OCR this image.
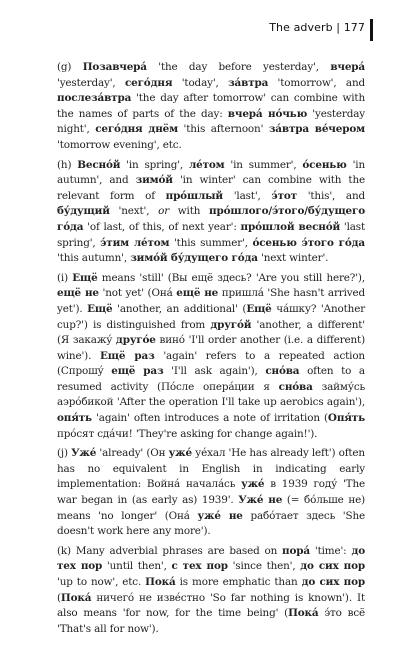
The adverb | 177

(g) Позавчера́ 'the day before yesterday', вчера́ 'yesterday', сего́дня 'today', за́втра 'tomorrow', and послеза́втра 'the day after tomorrow' can combine with the names of parts of the day: вчера́ но́чью 'yesterday night', сего́дня днём 'this afternoon' за́втра ве́чером 'tomorrow evening', etc.

(h) Весно́й 'in spring', ле́том 'in summer', о́сенью 'in autumn', and зимо́й 'in winter' can combine with the relevant form of про́шлый 'last', э́тот 'this', and бу́дущий 'next', or with про́шлого/э́того/бу́дущего го́да 'of last, of this, of next year': про́шлой весно́й 'last spring', э́тим ле́том 'this summer', о́сенью э́того го́да 'this autumn', зимо́й бу́дущего го́да 'next winter'.

(i) Ещё means 'still' (Вы ещё здесь? 'Are you still here?'), ещё не 'not yet' (Она́ ещё не пришла́ 'She hasn't arrived yet'). Ещё 'another, an additional' (Ещё ча́шку? 'Another cup?') is distinguished from друго́й 'another, a different' (Я закажу́ друго́е вино́ 'I'll order another (i.e. a different) wine'). Ещё раз 'again' refers to a repeated action (Спрошу́ ещё раз 'I'll ask again'), сно́ва often to a resumed activity (По́сле опера́ции я сно́ва займу́сь аэро́бикой 'After the operation I'll take up aerobics again'), опя́ть 'again' often introduces a note of irritation (Опя́ть про́сят сда́чи! 'They're asking for change again!').

(j) Уже́ 'already' (Он уже́ уе́хал 'He has already left') often has no equivalent in English in indicating early implementation: Война́ начала́сь уже́ в 1939 году́ 'The war began in (as early as) 1939'. Уже́ не (= бо́льше не) means 'no longer' (Она́ уже́ не рабо́тает здесь 'She doesn't work here any more').

(k) Many adverbial phrases are based on пора́ 'time': до тех пор 'until then', с тех пор 'since then', до сих пор 'up to now', etc. Пока́ is more emphatic than до сих пор (Пока́ ничего́ не изве́стно 'So far nothing is known'). It also means 'for now, for the time being' (Пока́ э́то всё 'That's all for now').
